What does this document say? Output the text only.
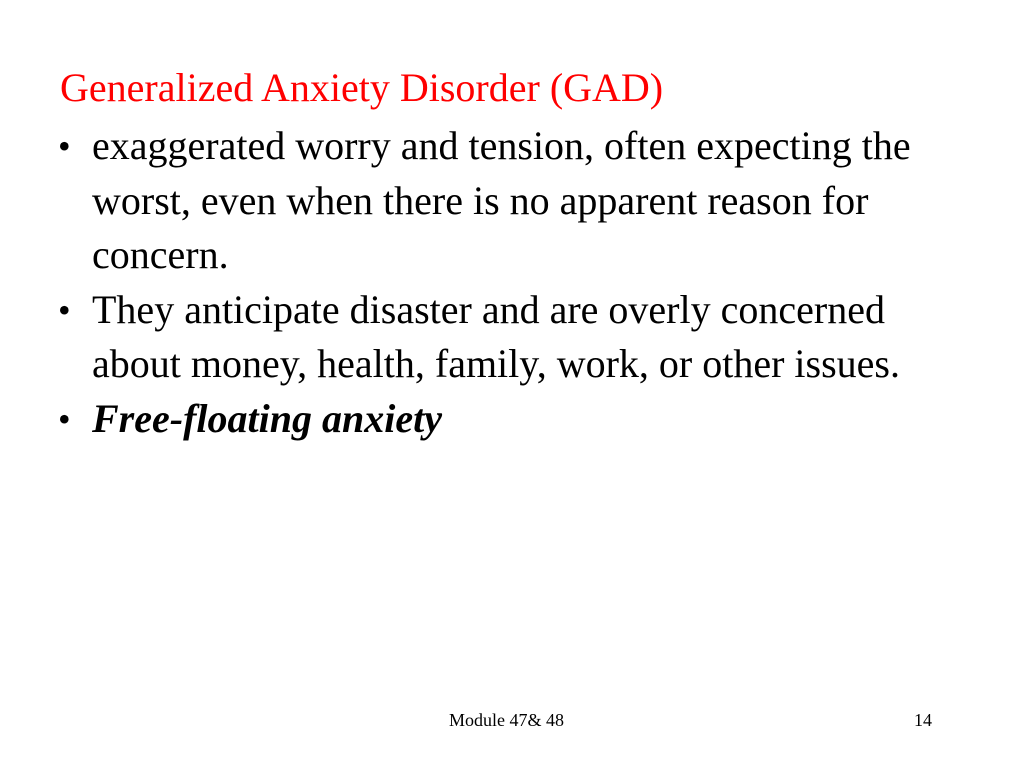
Generalized Anxiety Disorder (GAD)
• exaggerated worry and tension, often expecting the worst, even when there is no apparent reason for concern.
• They anticipate disaster and are overly concerned about money, health, family, work, or other issues.
• Free-floating anxiety
Module 47& 48	14
